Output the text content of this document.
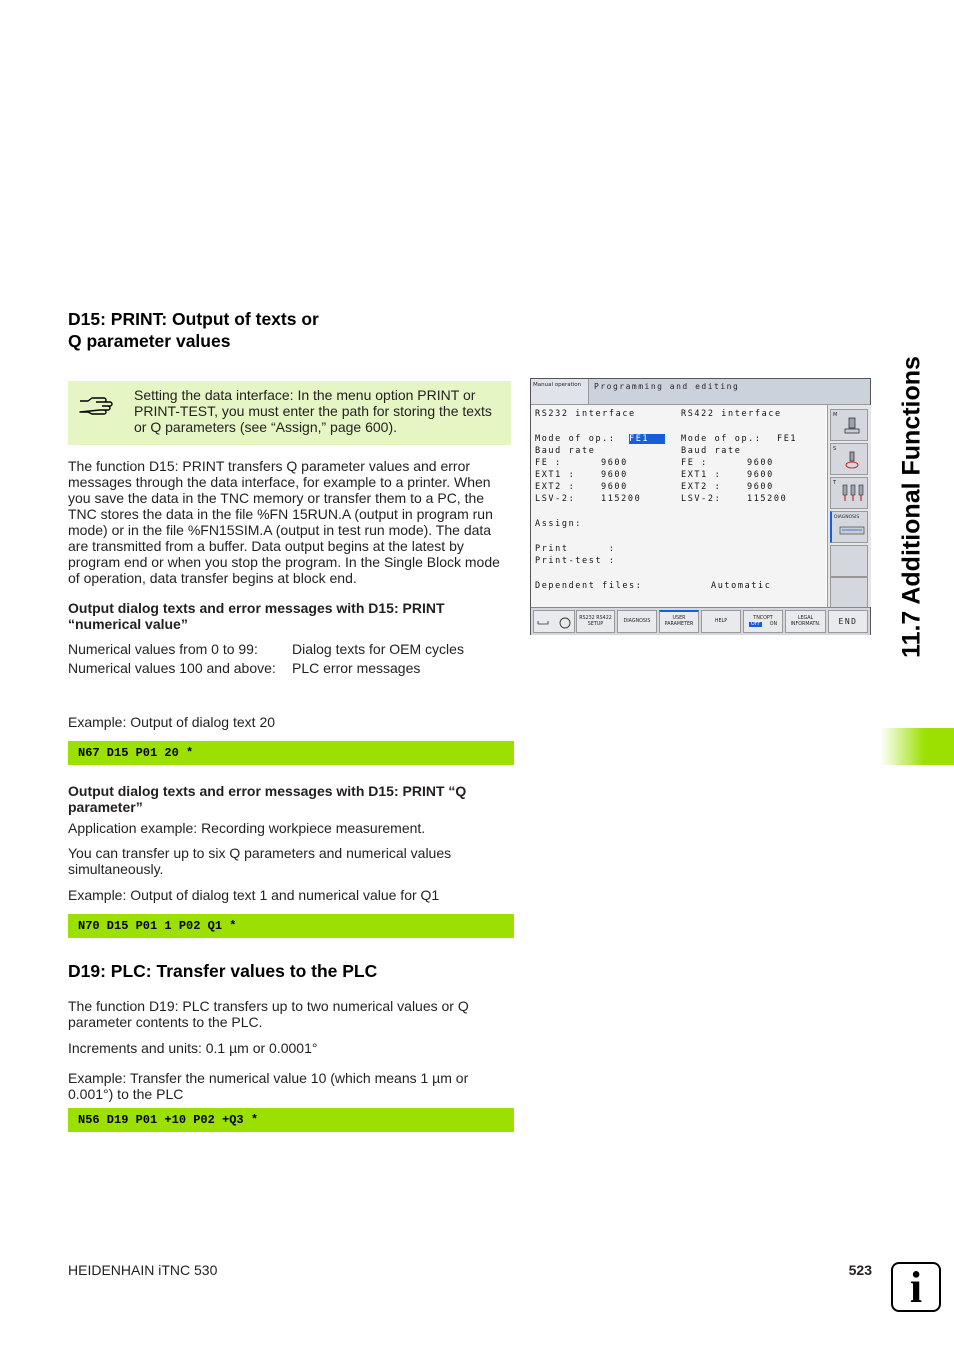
D15: PRINT: Output of texts or
Q parameter values
Setting the data interface: In the menu option PRINT or PRINT-TEST, you must enter the path for storing the texts or Q parameters (see “Assign,” page 600).

The function D15: PRINT transfers Q parameter values and error messages through the data interface, for example to a printer. When you save the data in the TNC memory or transfer them to a PC, the TNC stores the data in the file %FN 15RUN.A (output in program run mode) or in the file %FN15SIM.A (output in test run mode). The data are transmitted from a buffer. Data output begins at the latest by program end or when you stop the program. In the Single Block mode of operation, data transfer begins at block end.

Output dialog texts and error messages with D15: PRINT “numerical value”

Numerical values from 0 to 99: Dialog texts for OEM cycles
Numerical values 100 and above: PLC error messages

Example: Output of dialog text 20

N67 D15 P01 20 *

Output dialog texts and error messages with D15: PRINT “Q parameter”

Application example: Recording workpiece measurement.

You can transfer up to six Q parameters and numerical values simultaneously.

Example: Output of dialog text 1 and numerical value for Q1

N70 D15 P01 1 P02 Q1 *
D19: PLC: Transfer values to the PLC

The function D19: PLC transfers up to two numerical values or Q parameter contents to the PLC.

Increments and units: 0.1 µm or 0.0001°

Example: Transfer the numerical value 10 (which means 1 µm or 0.001°) to the PLC

N56 D19 P01 +10 P02 +Q3 *
Manual operation	Programming and editing
RS232 interface	RS422 interface
Mode of op.: FE1	Mode of op.: FE1
Baud rate	Baud rate
FE :	9600
EXT1 :	9600
EXT2 :	9600
LSV-2:	115200
FE :	9600
EXT1 :	9600
EXT2 :	9600
LSV-2:	115200
Assign:
Print      :
Print-test :
Dependent files:	Automatic
M
S
T
DIAGNOSIS
RS232 RS422 SETUP
DIAGNOSIS	USER PARAMETER
HELP
TNCOPT
OFF ON
LEGAL INFORMATN.	END	11.7 Additional Functions
HEIDENHAIN iTNC 530	523 i
